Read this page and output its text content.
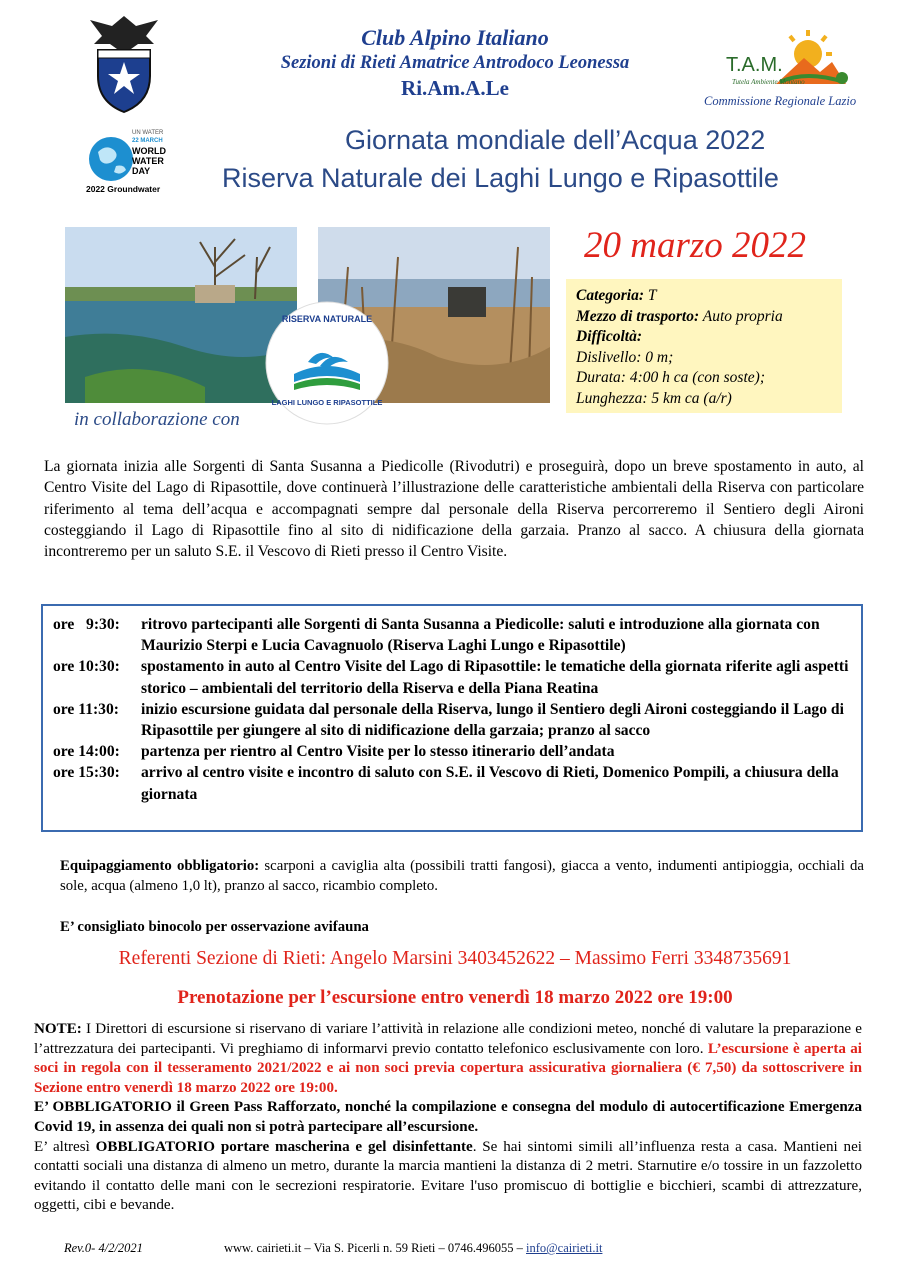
Club Alpino Italiano
Sezioni di Rieti Amatrice Antrodoco Leonessa
Ri.Am.A.Le
T.A.M.
Tutela Ambiente Montano
Commissione Regionale Lazio
UN WATER
22 MARCH
WORLD
WATER
DAY
2022 Groundwater
Giornata mondiale dell’Acqua 2022
Riserva Naturale dei Laghi Lungo e Ripasottile
RISERVA NATURALE
LAGHI LUNGO E RIPASOTTILE
in collaborazione con
20 marzo 2022
Categoria: T
Mezzo di trasporto: Auto propria
Difficoltà:
Dislivello: 0 m;
Durata: 4:00 h ca (con soste);
Lunghezza: 5 km ca (a/r)
La giornata inizia alle Sorgenti di Santa Susanna a Piedicolle (Rivodutri) e proseguirà, dopo un breve spostamento in auto, al Centro Visite del Lago di Ripasottile, dove continuerà l’illustrazione delle caratteristiche ambientali della Riserva con particolare riferimento al tema dell’acqua e accompagnati sempre dal personale della Riserva percorreremo il Sentiero degli Aironi costeggiando il Lago di Ripasottile fino al sito di nidificazione della garzaia. Pranzo al sacco. A chiusura della giornata incontreremo per un saluto S.E. il Vescovo di Rieti presso il Centro Visite.
ore   9:30:	ritrovo partecipanti alle Sorgenti di Santa Susanna a Piedicolle: saluti e introduzione alla giornata con Maurizio Sterpi e Lucia Cavagnuolo (Riserva Laghi Lungo e Ripasottile)
ore 10:30:	spostamento in auto al Centro Visite del Lago di Ripasottile: le tematiche della giornata riferite agli aspetti storico – ambientali del territorio della Riserva e della Piana Reatina
ore 11:30:	inizio escursione guidata dal personale della Riserva, lungo il Sentiero degli Aironi costeggiando il Lago di Ripasottile per giungere al sito di nidificazione della garzaia; pranzo al sacco
ore 14:00:	partenza per rientro al Centro Visite per lo stesso itinerario dell’andata
ore 15:30:	arrivo al centro visite e incontro di saluto con S.E. il Vescovo di Rieti, Domenico Pompili, a chiusura della giornata
Equipaggiamento obbligatorio: scarponi a caviglia alta (possibili tratti fangosi), giacca a vento, indumenti antipioggia, occhiali da sole, acqua (almeno 1,0 lt), pranzo al sacco, ricambio completo.
E’ consigliato binocolo per osservazione avifauna
Referenti Sezione di Rieti: Angelo Marsini 3403452622 – Massimo Ferri 3348735691
Prenotazione per l’escursione entro venerdì 18 marzo 2022 ore 19:00
NOTE: I Direttori di escursione si riservano di variare l’attività in relazione alle condizioni meteo, nonché di valutare la preparazione e l’attrezzatura dei partecipanti. Vi preghiamo di informarvi previo contatto telefonico esclusivamente con loro. L’escursione è aperta ai soci in regola con il tesseramento 2021/2022 e ai non soci previa copertura assicurativa giornaliera (€ 7,50) da sottoscrivere in Sezione entro venerdì 18 marzo 2022 ore 19:00.
E’ OBBLIGATORIO il Green Pass Rafforzato, nonché la compilazione e consegna del modulo di autocertificazione Emergenza Covid 19, in assenza dei quali non si potrà partecipare all’escursione.
E’ altresì OBBLIGATORIO portare mascherina e gel disinfettante. Se hai sintomi simili all’influenza resta a casa. Mantieni nei contatti sociali una distanza di almeno un metro, durante la marcia mantieni la distanza di 2 metri. Starnutire e/o tossire in un fazzoletto evitando il contatto delle mani con le secrezioni respiratorie. Evitare l'uso promiscuo di bottiglie e bicchieri, scambi di attrezzature, oggetti, cibi e bevande.
Rev.0- 4/2/2021	www. cairieti.it – Via S. Picerli n. 59 Rieti – 0746.496055 – info@cairieti.it
